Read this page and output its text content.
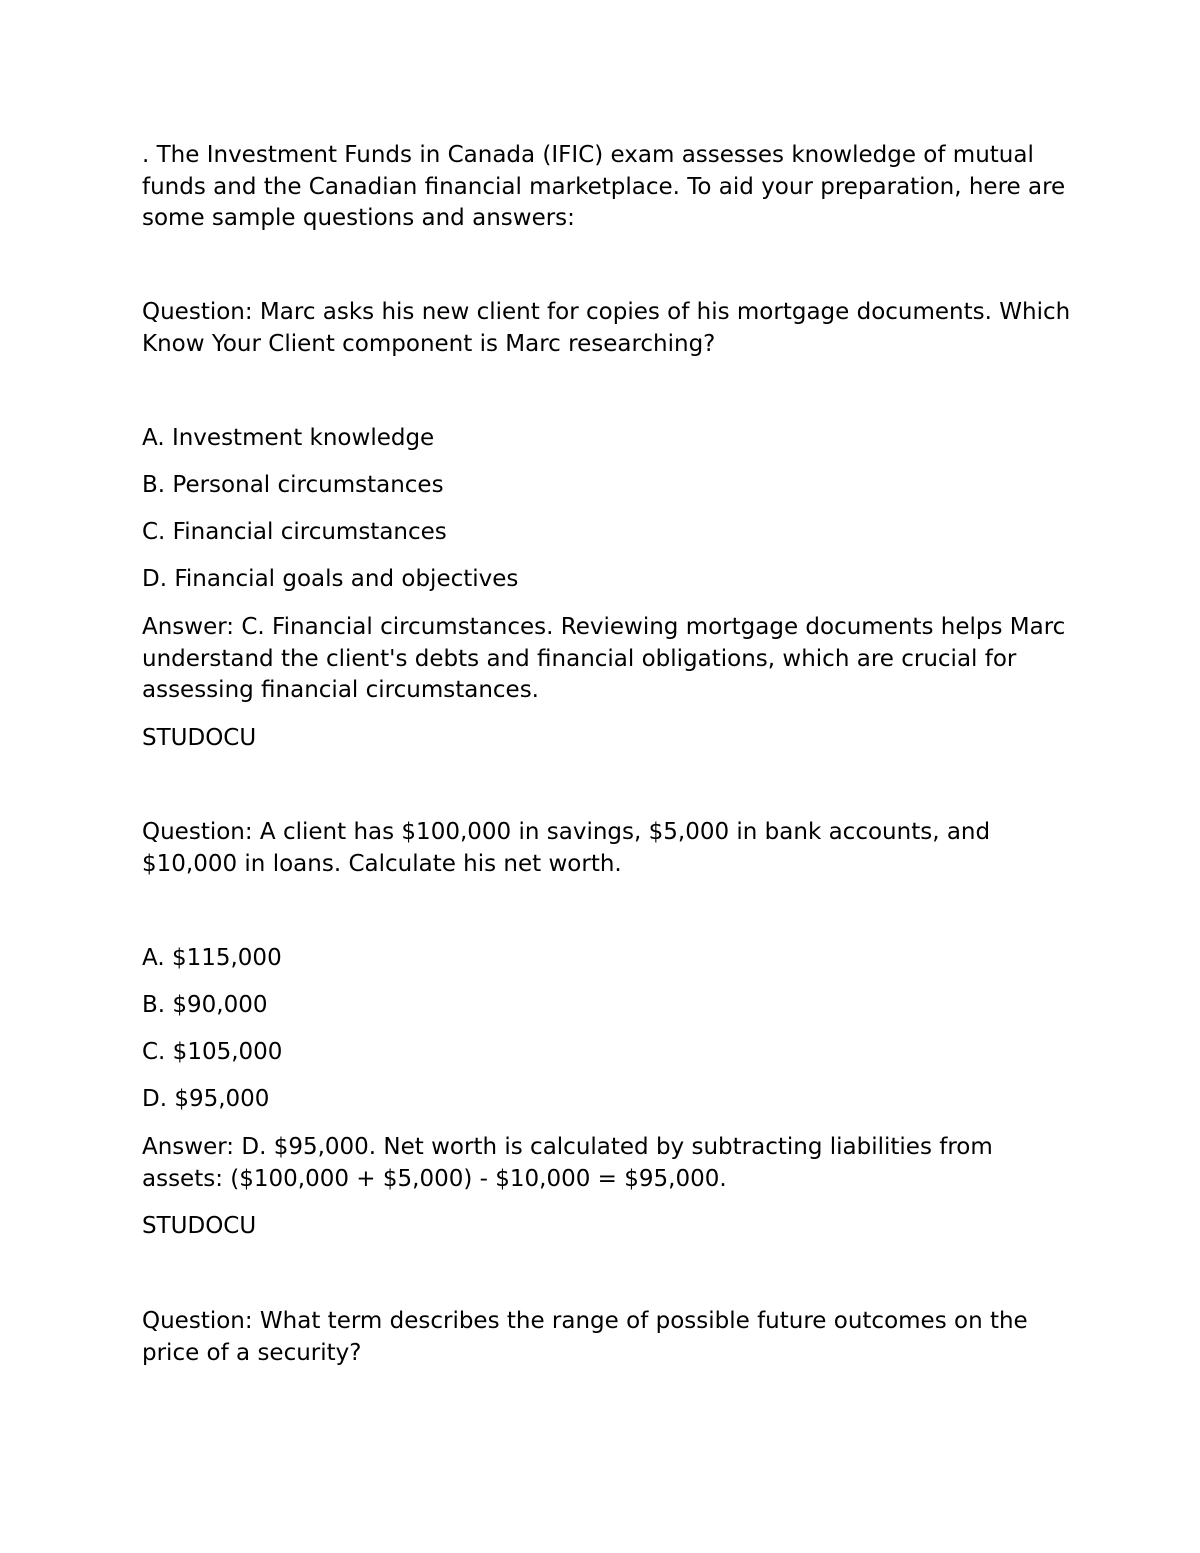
. The Investment Funds in Canada (IFIC) exam assesses knowledge of mutual funds and the Canadian financial marketplace. To aid your preparation, here are some sample questions and answers:

Question: Marc asks his new client for copies of his mortgage documents. Which Know Your Client component is Marc researching?

A. Investment knowledge

B. Personal circumstances

C. Financial circumstances

D. Financial goals and objectives

Answer: C. Financial circumstances. Reviewing mortgage documents helps Marc understand the client's debts and financial obligations, which are crucial for assessing financial circumstances.

STUDOCU

Question: A client has $100,000 in savings, $5,000 in bank accounts, and $10,000 in loans. Calculate his net worth.

A. $115,000

B. $90,000

C. $105,000

D. $95,000

Answer: D. $95,000. Net worth is calculated by subtracting liabilities from assets: ($100,000 + $5,000) - $10,000 = $95,000.

STUDOCU

Question: What term describes the range of possible future outcomes on the price of a security?
